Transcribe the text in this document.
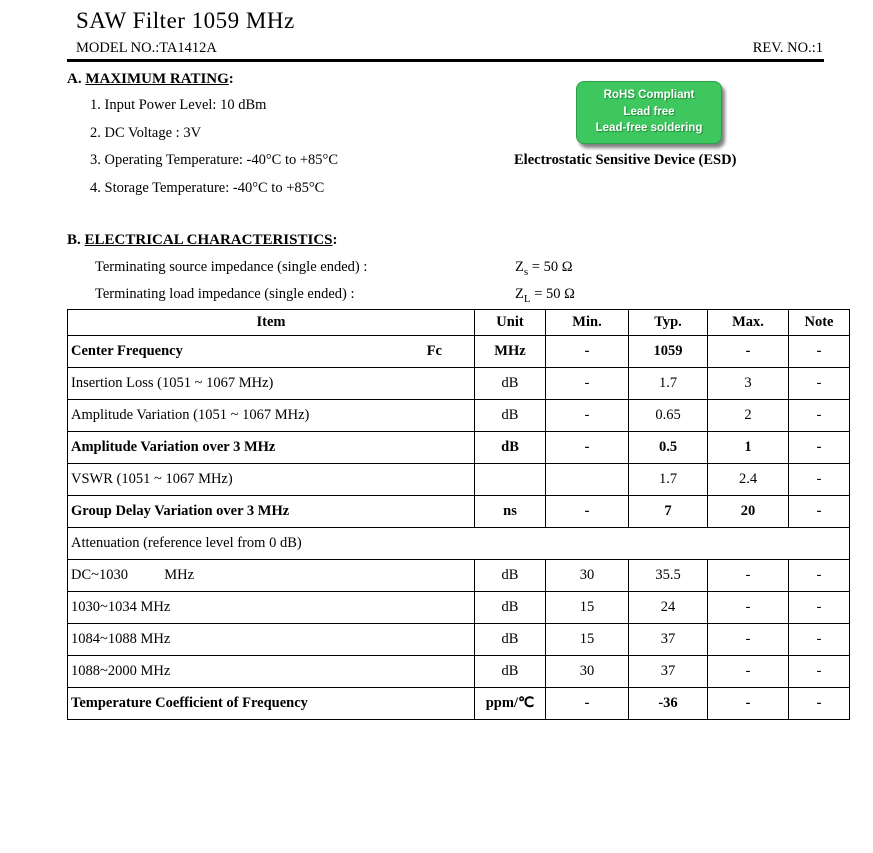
SAW Filter 1059 MHz
MODEL NO.:TA1412A	REV. NO.:1
A. MAXIMUM RATING:
1. Input Power Level: 10 dBm
2. DC Voltage : 3V
3. Operating Temperature: -40°C to +85°C
4. Storage Temperature: -40°C to +85°C
RoHS Compliant
Lead free
Lead-free soldering
Electrostatic Sensitive Device (ESD)
B. ELECTRICAL CHARACTERISTICS:
Terminating source impedance (single ended) :	$Z_s = 50$ Ω
Terminating load impedance (single ended) :	$Z_L = 50$ Ω
Item	Unit	Min.	Typ.	Max.	Note

Center Frequency Fc	MHz	-	1059	-	-
Insertion Loss (1051 ~ 1067 MHz)	dB	-	1.7	3	-
Amplitude Variation (1051 ~ 1067 MHz)	dB	-	0.65	2	-
Amplitude Variation over 3 MHz	dB	-	0.5	1	-
VSWR (1051 ~ 1067 MHz)			1.7	2.4	-
Group Delay Variation over 3 MHz	ns	-	7	20	-
Attenuation (reference level from 0 dB)					
DC~1030          MHz	dB	30	35.5	-	-
1030~1034 MHz	dB	15	24	-	-
1084~1088 MHz	dB	15	37	-	-
1088~2000 MHz	dB	30	37	-	-
Temperature Coefficient of Frequency	ppm/℃	-	-36	-	-
